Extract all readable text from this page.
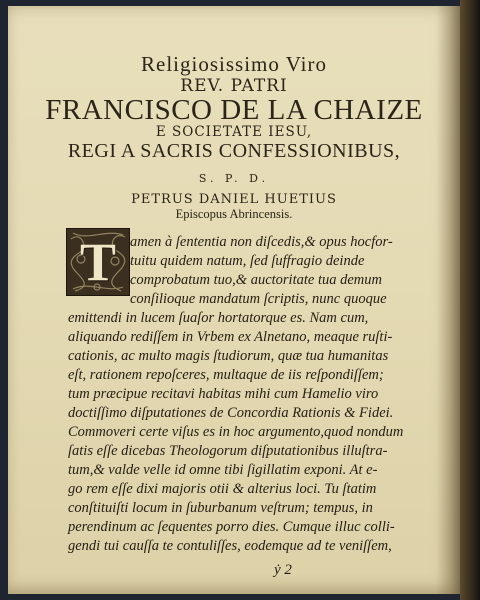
Religiosissimo Viro
REV. PATRI
FRANCISCO DE LA CHAIZE
E SOCIETATE IESU,
REGI A SACRIS CONFESSIONIBUS,
S. P. D.
PETRUS DANIEL HUETIUS
Episcopus Abrincensis.
T amen à ſententia non diſcedis,& opus hocfor-
tuitu quidem natum, ſed ſuffragio deinde
comprobatum tuo,& auctoritate tua demum
conſilioque mandatum ſcriptis, nunc quoque
emittendi in lucem ſuaſor hortatorque es. Nam cum,
aliquando rediſſem in Vrbem ex Alnetano, meaque ruſti-
cationis, ac multo magis ſtudiorum, quæ tua humanitas
eſt, rationem repoſceres, multaque de iis reſpondiſſem;
tum præcipue recitavi habitas mihi cum Hamelio viro
doctiſſimo diſputationes de Concordia Rationis & Fidei.
Commoveri certe viſus es in hoc argumento,quod nondum
ſatis eſſe dicebas Theologorum diſputationibus illuſtra-
tum,& valde velle id omne tibi ſigillatim exponi. At e-
go rem eſſe dixi majoris otii & alterius loci. Tu ſtatim
conſtituiſti locum in ſuburbanum veſtrum; tempus, in
perendinum ac ſequentes porro dies. Cumque illuc colli-
gendi tui cauſſa te contuliſſes, eodemque ad te veniſſem,
ẏ 2
